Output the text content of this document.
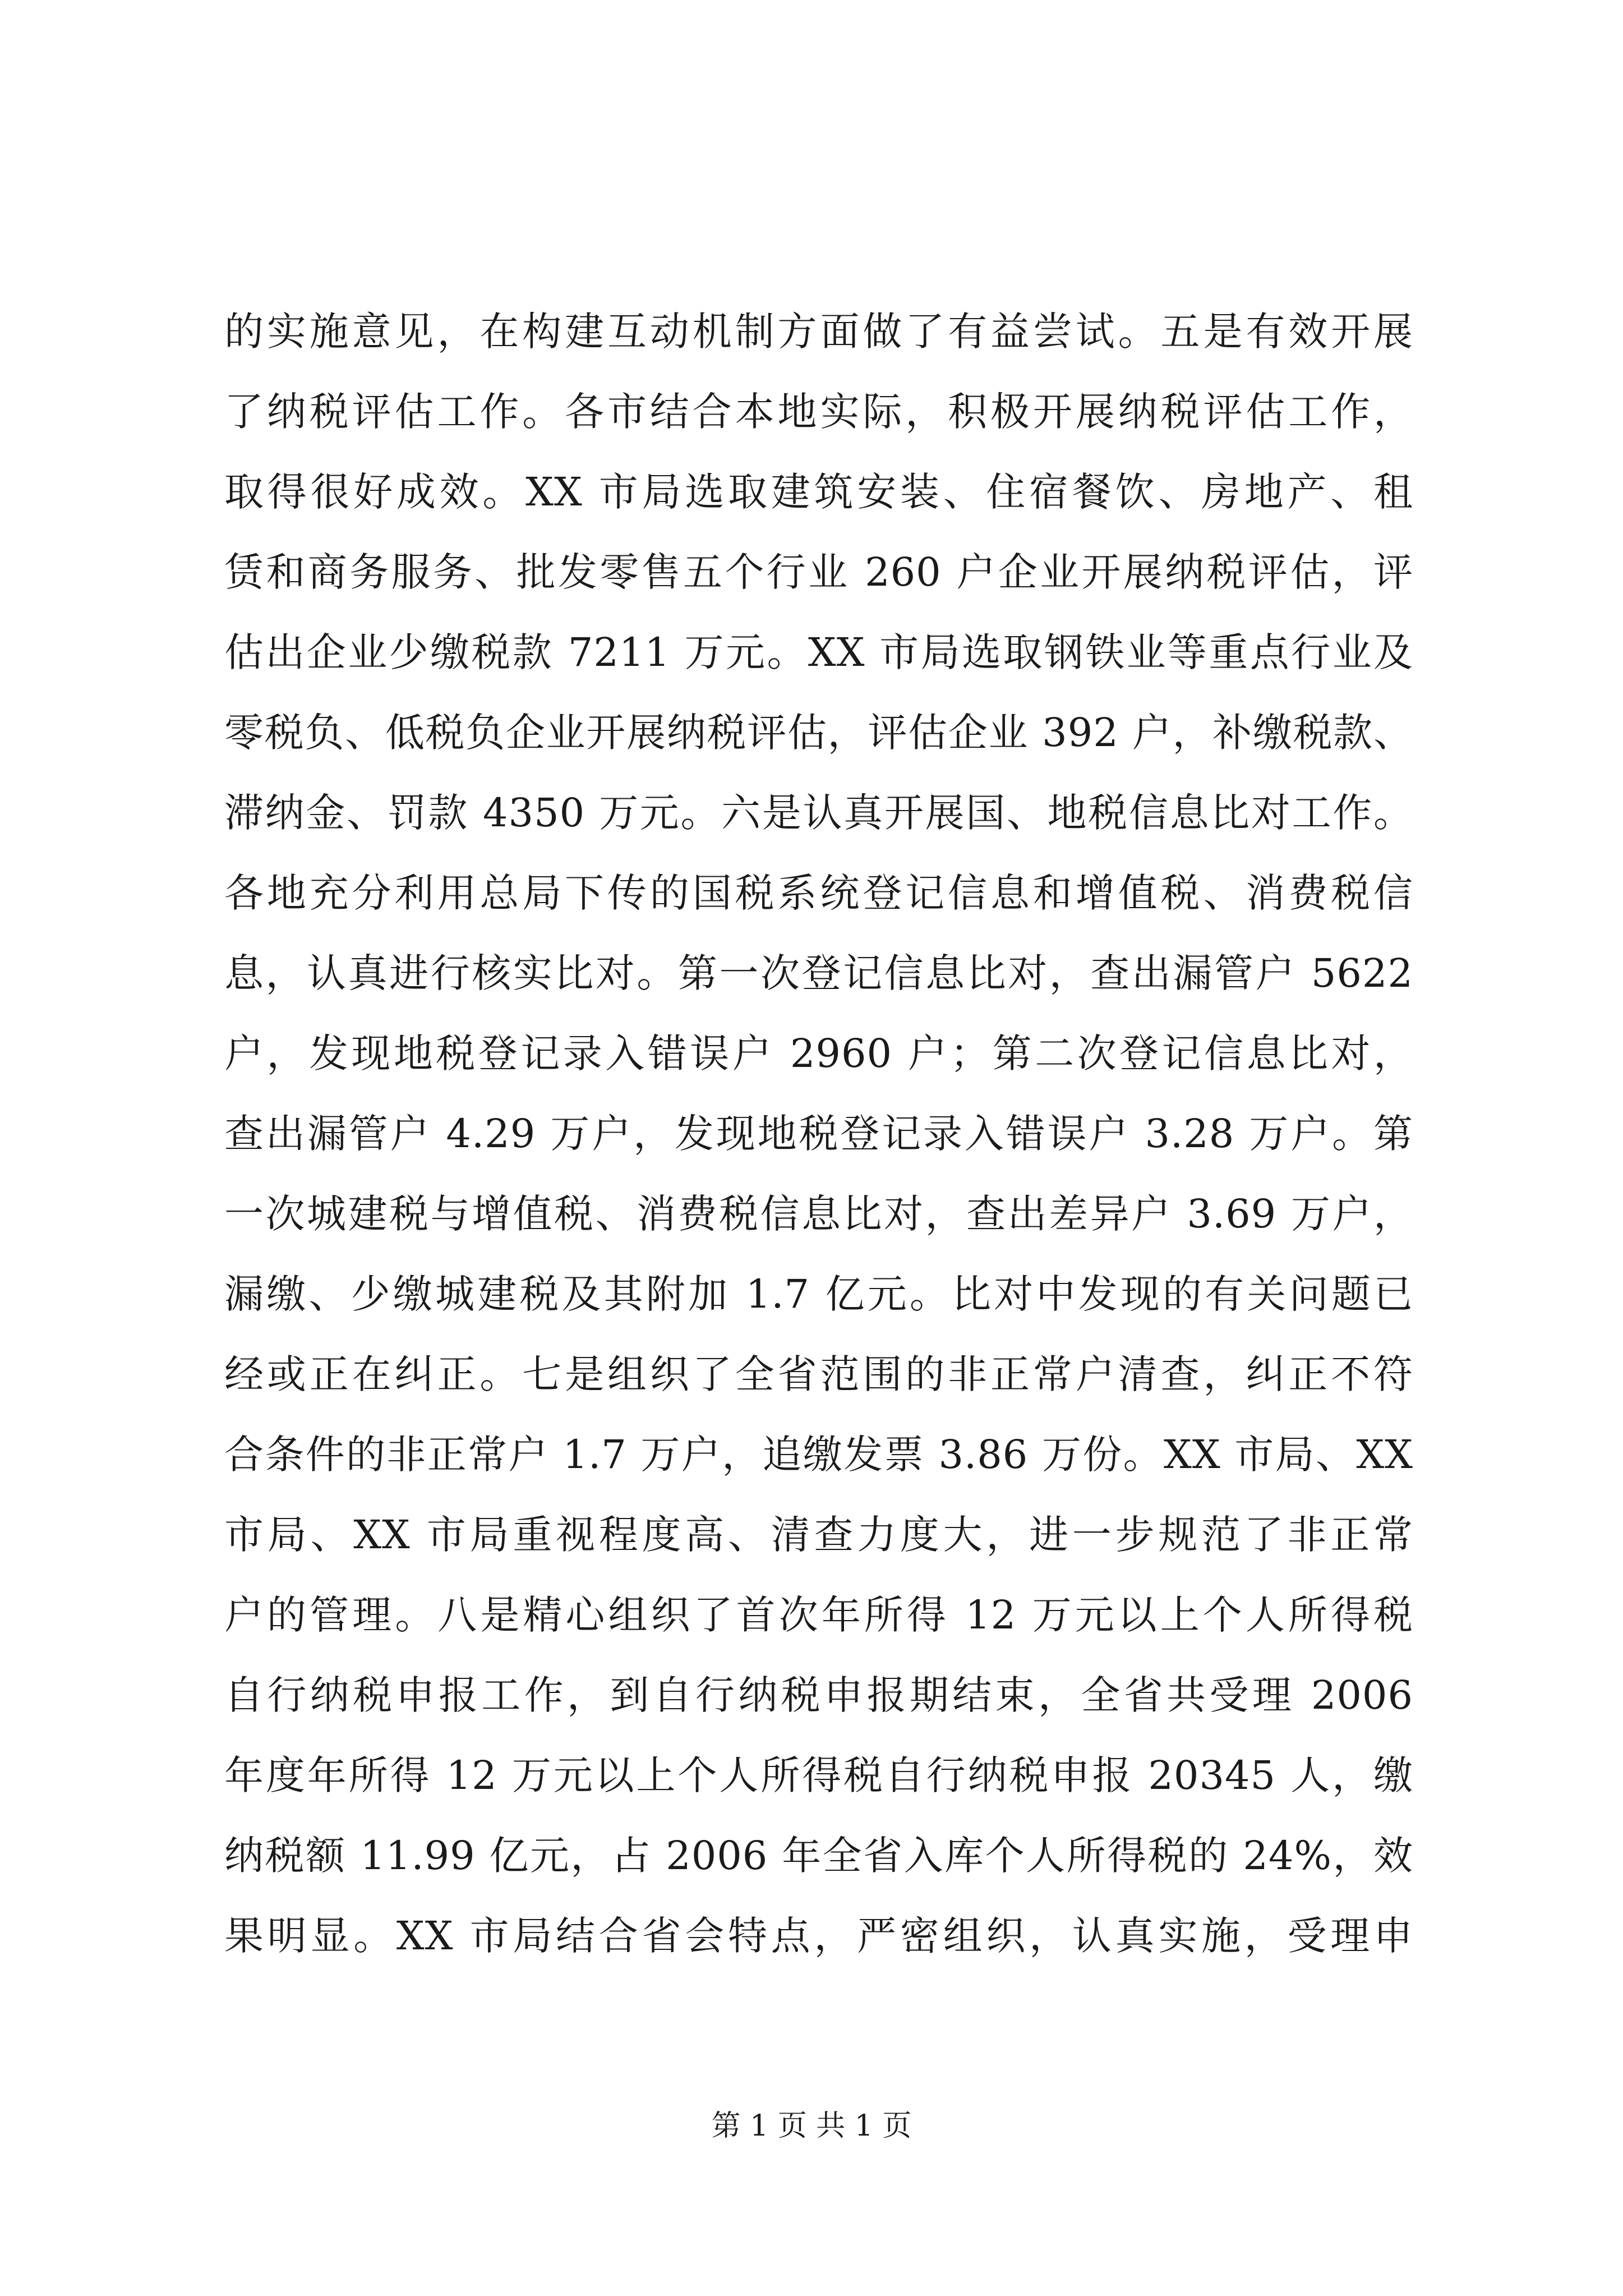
的实施意见，在构建互动机制方面做了有益尝试。五是有效开展
了纳税评估工作。各市结合本地实际，积极开展纳税评估工作，
取得很好成效。XX 市局选取建筑安装、住宿餐饮、房地产、租
赁和商务服务、批发零售五个行业 260 户企业开展纳税评估，评
估出企业少缴税款 7211 万元。XX 市局选取钢铁业等重点行业及
零税负、低税负企业开展纳税评估，评估企业 392 户，补缴税款、
滞纳金、罚款 4350 万元。六是认真开展国、地税信息比对工作。
各地充分利用总局下传的国税系统登记信息和增值税、消费税信
息，认真进行核实比对。第一次登记信息比对，查出漏管户 5622
户，发现地税登记录入错误户 2960 户；第二次登记信息比对，
查出漏管户 4.29 万户，发现地税登记录入错误户 3.28 万户。第
一次城建税与增值税、消费税信息比对，查出差异户 3.69 万户，
漏缴、少缴城建税及其附加 1.7 亿元。比对中发现的有关问题已
经或正在纠正。七是组织了全省范围的非正常户清查，纠正不符
合条件的非正常户 1.7 万户，追缴发票 3.86 万份。XX 市局、XX
市局、XX 市局重视程度高、清查力度大，进一步规范了非正常
户的管理。八是精心组织了首次年所得 12 万元以上个人所得税
自行纳税申报工作，到自行纳税申报期结束，全省共受理 2006
年度年所得 12 万元以上个人所得税自行纳税申报 20345 人，缴
纳税额 11.99 亿元，占 2006 年全省入库个人所得税的 24%，效
果明显。XX 市局结合省会特点，严密组织，认真实施，受理申
第 1 页 共 1 页
